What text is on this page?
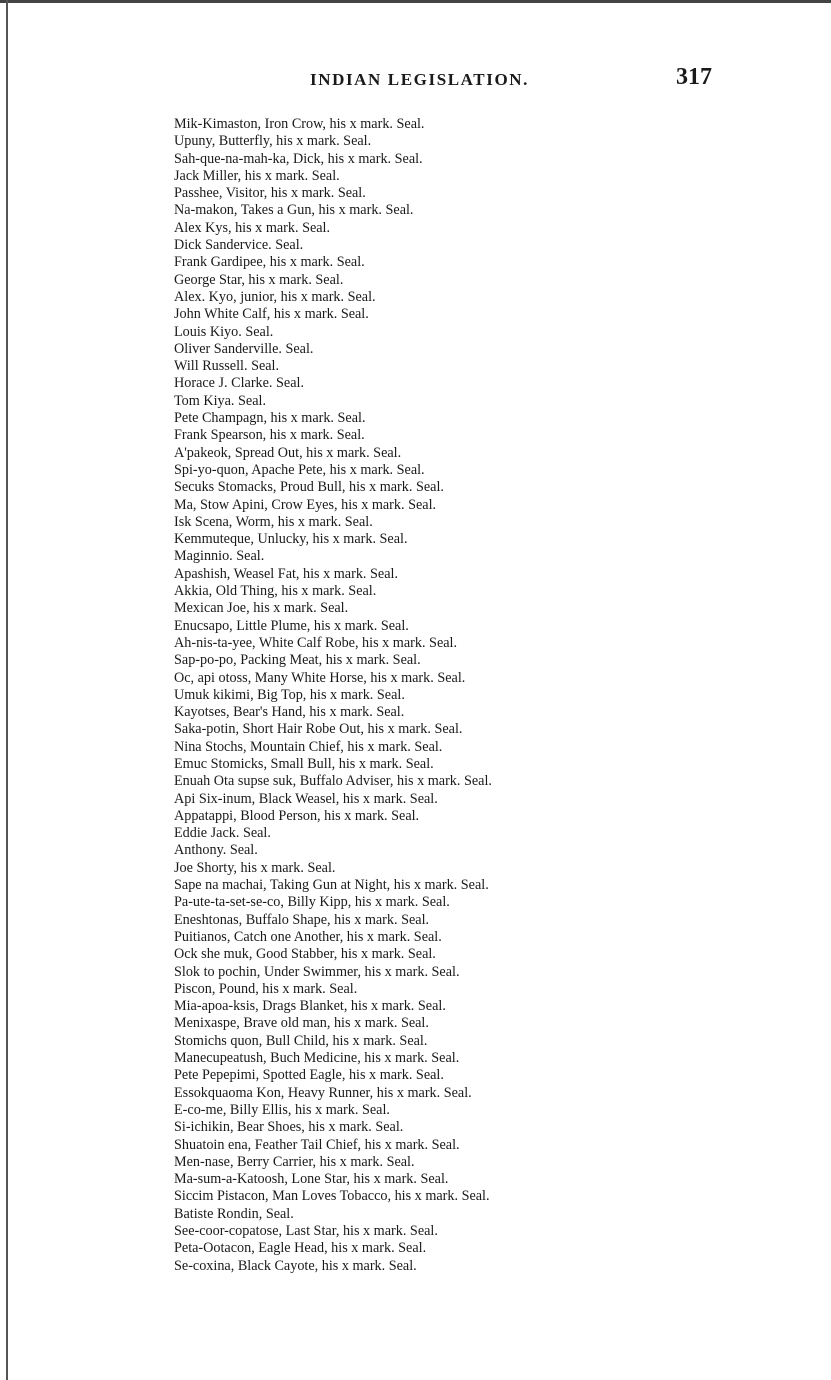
INDIAN LEGISLATION.	317
Mik-Kimaston, Iron Crow, his x mark. Seal.
Upuny, Butterfly, his x mark. Seal.
Sah-que-na-mah-ka, Dick, his x mark. Seal.
Jack Miller, his x mark. Seal.
Passhee, Visitor, his x mark. Seal.
Na-makon, Takes a Gun, his x mark. Seal.
Alex Kys, his x mark. Seal.
Dick Sandervice. Seal.
Frank Gardipee, his x mark. Seal.
George Star, his x mark. Seal.
Alex. Kyo, junior, his x mark. Seal.
John White Calf, his x mark. Seal.
Louis Kiyo. Seal.
Oliver Sanderville. Seal.
Will Russell. Seal.
Horace J. Clarke. Seal.
Tom Kiya. Seal.
Pete Champagn, his x mark. Seal.
Frank Spearson, his x mark. Seal.
A'pakeok, Spread Out, his x mark. Seal.
Spi-yo-quon, Apache Pete, his x mark. Seal.
Secuks Stomacks, Proud Bull, his x mark. Seal.
Ma, Stow Apini, Crow Eyes, his x mark. Seal.
Isk Scena, Worm, his x mark. Seal.
Kemmuteque, Unlucky, his x mark. Seal.
Maginnio. Seal.
Apashish, Weasel Fat, his x mark. Seal.
Akkia, Old Thing, his x mark. Seal.
Mexican Joe, his x mark. Seal.
Enucsapo, Little Plume, his x mark. Seal.
Ah-nis-ta-yee, White Calf Robe, his x mark. Seal.
Sap-po-po, Packing Meat, his x mark. Seal.
Oc, api otoss, Many White Horse, his x mark. Seal.
Umuk kikimi, Big Top, his x mark. Seal.
Kayotses, Bear's Hand, his x mark. Seal.
Saka-potin, Short Hair Robe Out, his x mark. Seal.
Nina Stochs, Mountain Chief, his x mark. Seal.
Emuc Stomicks, Small Bull, his x mark. Seal.
Enuah Ota supse suk, Buffalo Adviser, his x mark. Seal.
Api Six-inum, Black Weasel, his x mark. Seal.
Appatappi, Blood Person, his x mark. Seal.
Eddie Jack. Seal.
Anthony. Seal.
Joe Shorty, his x mark. Seal.
Sape na machai, Taking Gun at Night, his x mark. Seal.
Pa-ute-ta-set-se-co, Billy Kipp, his x mark. Seal.
Eneshtonas, Buffalo Shape, his x mark. Seal.
Puitianos, Catch one Another, his x mark. Seal.
Ock she muk, Good Stabber, his x mark. Seal.
Slok to pochin, Under Swimmer, his x mark. Seal.
Piscon, Pound, his x mark. Seal.
Mia-apoa-ksis, Drags Blanket, his x mark. Seal.
Menixaspe, Brave old man, his x mark. Seal.
Stomichs quon, Bull Child, his x mark. Seal.
Manecupeatush, Buch Medicine, his x mark. Seal.
Pete Pepepimi, Spotted Eagle, his x mark. Seal.
Essokquaoma Kon, Heavy Runner, his x mark. Seal.
E-co-me, Billy Ellis, his x mark. Seal.
Si-ichikin, Bear Shoes, his x mark. Seal.
Shuatoin ena, Feather Tail Chief, his x mark. Seal.
Men-nase, Berry Carrier, his x mark. Seal.
Ma-sum-a-Katoosh, Lone Star, his x mark. Seal.
Siccim Pistacon, Man Loves Tobacco, his x mark. Seal.
Batiste Rondin, Seal.
See-coor-copatose, Last Star, his x mark. Seal.
Peta-Ootacon, Eagle Head, his x mark. Seal.
Se-coxina, Black Cayote, his x mark. Seal.
